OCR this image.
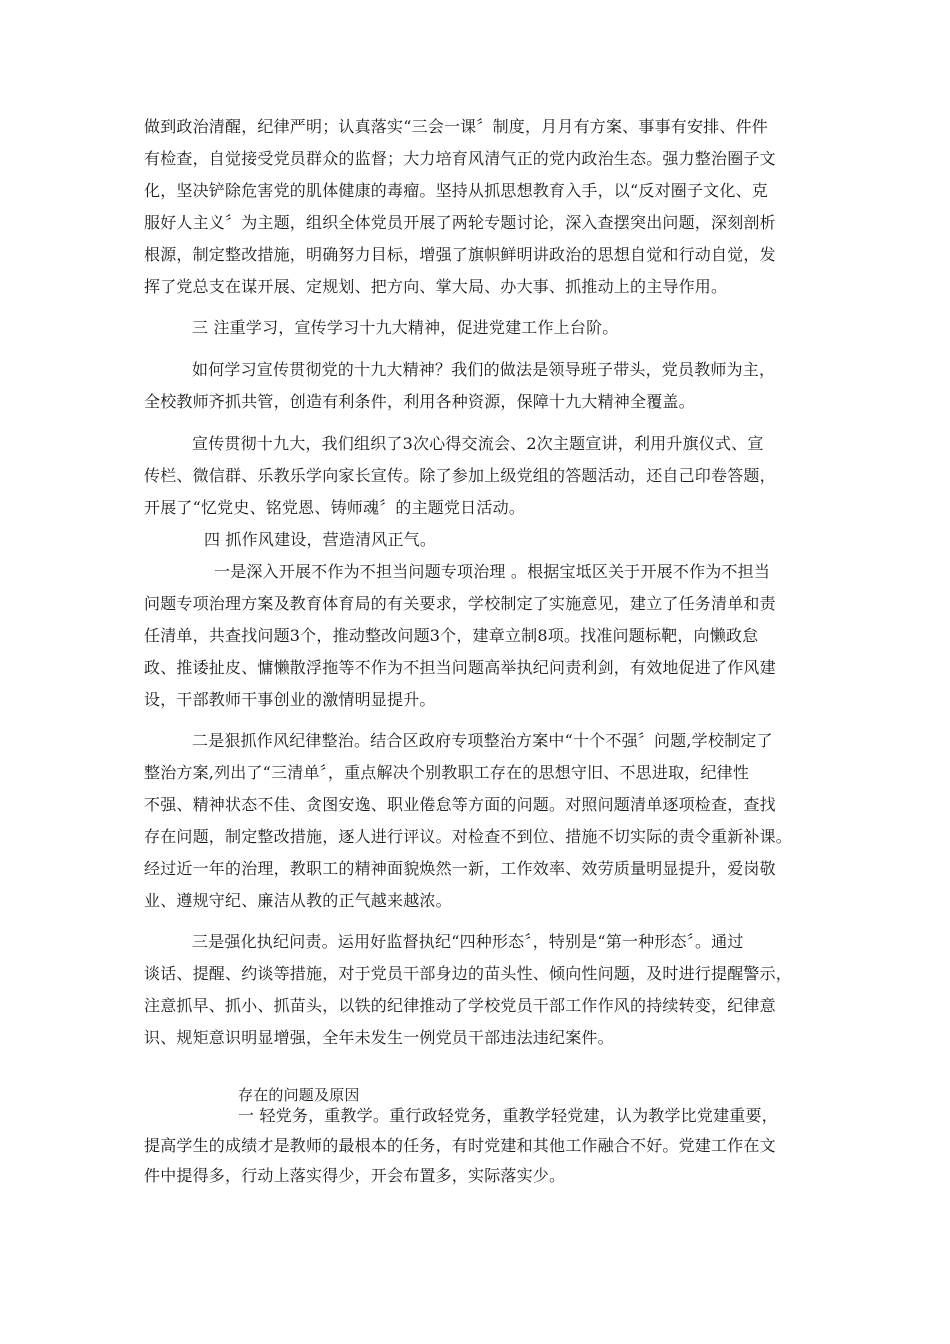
做到政治清醒，纪律严明；认真落实“三会一课〞制度，月月有方案、事事有安排、件件
有检查，自觉接受党员群众的监督；大力培育风清气正的党内政治生态。强力整治圈子文
化，坚决铲除危害党的肌体健康的毒瘤。坚持从抓思想教育入手，以“反对圈子文化、克
服好人主义〞为主题，组织全体党员开展了两轮专题讨论，深入查摆突出问题，深刻剖析
根源，制定整改措施，明确努力目标，增强了旗帜鲜明讲政治的思想自觉和行动自觉，发
挥了党总支在谋开展、定规划、把方向、掌大局、办大事、抓推动上的主导作用。
三 注重学习，宣传学习十九大精神，促进党建工作上台阶。
如何学习宣传贯彻党的十九大精神？我们的做法是领导班子带头，党员教师为主，
全校教师齐抓共管，创造有利条件，利用各种资源，保障十九大精神全覆盖。
宣传贯彻十九大，我们组织了3次心得交流会、2次主题宣讲，利用升旗仪式、宣
传栏、微信群、乐教乐学向家长宣传。除了参加上级党组的答题活动，还自己印卷答题，
开展了“忆党史、铭党恩、铸师魂〞的主题党日活动。
四 抓作风建设，营造清风正气。
一是深入开展不作为不担当问题专项治理 。根据宝坻区关于开展不作为不担当
问题专项治理方案及教育体育局的有关要求，学校制定了实施意见，建立了任务清单和责
任清单，共查找问题3个，推动整改问题3个，建章立制8项。找准问题标靶，向懒政怠
政、推诿扯皮、慵懒散浮拖等不作为不担当问题高举执纪问责利剑，有效地促进了作风建
设，干部教师干事创业的激情明显提升。
二是狠抓作风纪律整治。结合区政府专项整治方案中“十个不强〞问题,学校制定了
整治方案,列出了“三清单〞，重点解决个别教职工存在的思想守旧、不思进取，纪律性
不强、精神状态不佳、贪图安逸、职业倦怠等方面的问题。对照问题清单逐项检查，查找
存在问题，制定整改措施，逐人进行评议。对检查不到位、措施不切实际的责令重新补课。
经过近一年的治理，教职工的精神面貌焕然一新，工作效率、效劳质量明显提升，爱岗敬
业、遵规守纪、廉洁从教的正气越来越浓。
三是强化执纪问责。运用好监督执纪“四种形态〞，特别是“第一种形态〞。通过
谈话、提醒、约谈等措施，对于党员干部身边的苗头性、倾向性问题，及时进行提醒警示，
注意抓早、抓小、抓苗头，以铁的纪律推动了学校党员干部工作作风的持续转变，纪律意
识、规矩意识明显增强，全年未发生一例党员干部违法违纪案件。
存在的问题及原因
一 轻党务，重教学。重行政轻党务，重教学轻党建，认为教学比党建重要，
提高学生的成绩才是教师的最根本的任务，有时党建和其他工作融合不好。党建工作在文
件中提得多，行动上落实得少，开会布置多，实际落实少。
